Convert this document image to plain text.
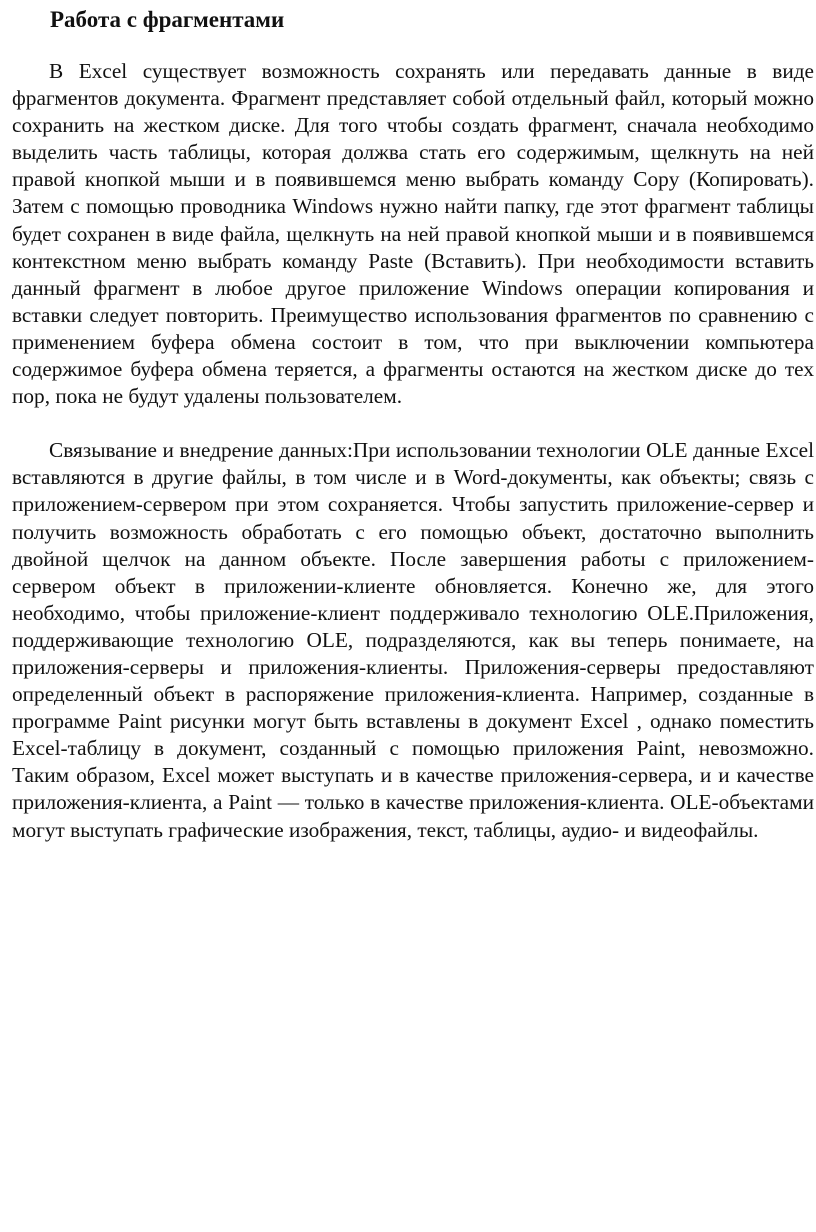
Работа с фрагментами

В Excel существует возможность сохранять или передавать данные в виде фрагментов документа. Фрагмент представляет собой отдельный файл, который можно сохранить на жестком диске. Для того чтобы создать фрагмент, сначала необходимо выделить часть таблицы, которая должва стать его содержимым, щелкнуть на ней правой кнопкой мыши и в появившемся меню выбрать команду Copy (Копировать). Затем с помощью проводника Windows нужно найти папку, где этот фрагмент таблицы будет сохранен в виде файла, щелкнуть на ней правой кнопкой мыши и в появившемся контекстном меню выбрать команду Paste (Вставить). При необходимости вставить данный фрагмент в любое другое приложение Windows операции копирования и вставки следует повторить. Преимущество использования фрагментов по сравнению с применением буфера обмена состоит в том, что при выключении компьютера содержимое буфера обмена теряется, а фрагменты остаются на жестком диске до тех пор, пока не будут удалены пользователем.

Связывание и внедрение данных:При использовании технологии OLE данные Excel вставляются в другие файлы, в том числе и в Word-документы, как объекты; связь с приложением-сервером при этом сохраняется. Чтобы запустить приложение-сервер и получить возможность обработать с его помощью объект, достаточно выполнить двойной щелчок на данном объекте. После завершения работы с приложением-сервером объект в приложении-клиенте обновляется. Конечно же, для этого необходимо, чтобы приложение-клиент поддерживало технологию OLE.Приложения, поддерживающие технологию OLE, подразделяются, как вы теперь понимаете, на приложения-серверы и приложения-клиенты. Приложения-серверы предоставляют определенный объект в распоряжение приложения-клиента. Например, созданные в программе Paint рисунки могут быть вставлены в документ Excel , однако поместить Excel-таблицу в документ, созданный с помощью приложения Paint, невозможно. Таким образом, Excel может выступать и в качестве приложения-сервера, и и качестве приложения-клиента, а Paint — только в качестве приложения-клиента. OLE-объектами могут выступать графические изображения, текст, таблицы, аудио- и видеофайлы.
